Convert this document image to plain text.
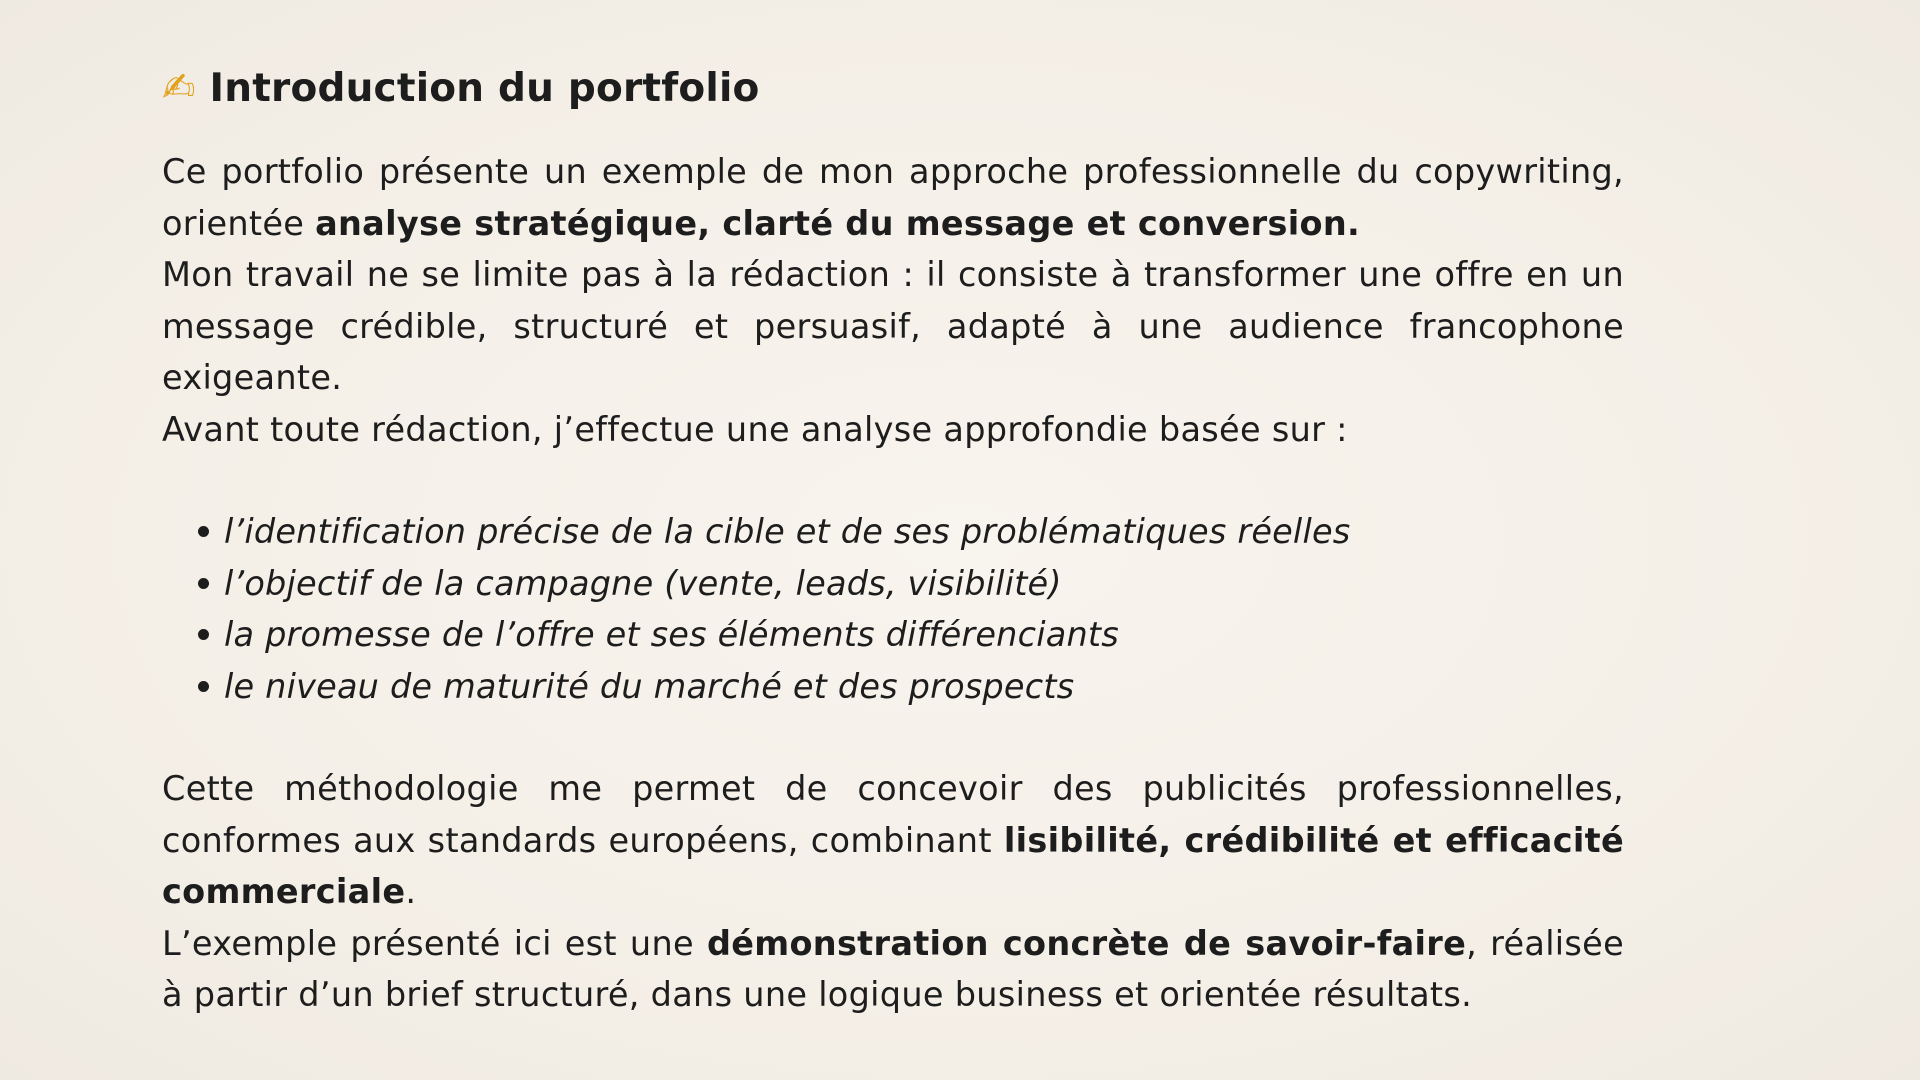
✍ Introduction du portfolio

Ce portfolio présente un exemple de mon approche professionnelle du copywriting, orientée analyse stratégique, clarté du message et conversion.

Mon travail ne se limite pas à la rédaction : il consiste à transformer une offre en un message crédible, structuré et persuasif, adapté à une audience francophone exigeante.

Avant toute rédaction, j’effectue une analyse approfondie basée sur :

l’identification précise de la cible et de ses problématiques réelles
l’objectif de la campagne (vente, leads, visibilité)
la promesse de l’offre et ses éléments différenciants
le niveau de maturité du marché et des prospects

Cette méthodologie me permet de concevoir des publicités professionnelles, conformes aux standards européens, combinant lisibilité, crédibilité et efficacité commerciale.

L’exemple présenté ici est une démonstration concrète de savoir-faire, réalisée à partir d’un brief structuré, dans une logique business et orientée résultats.
